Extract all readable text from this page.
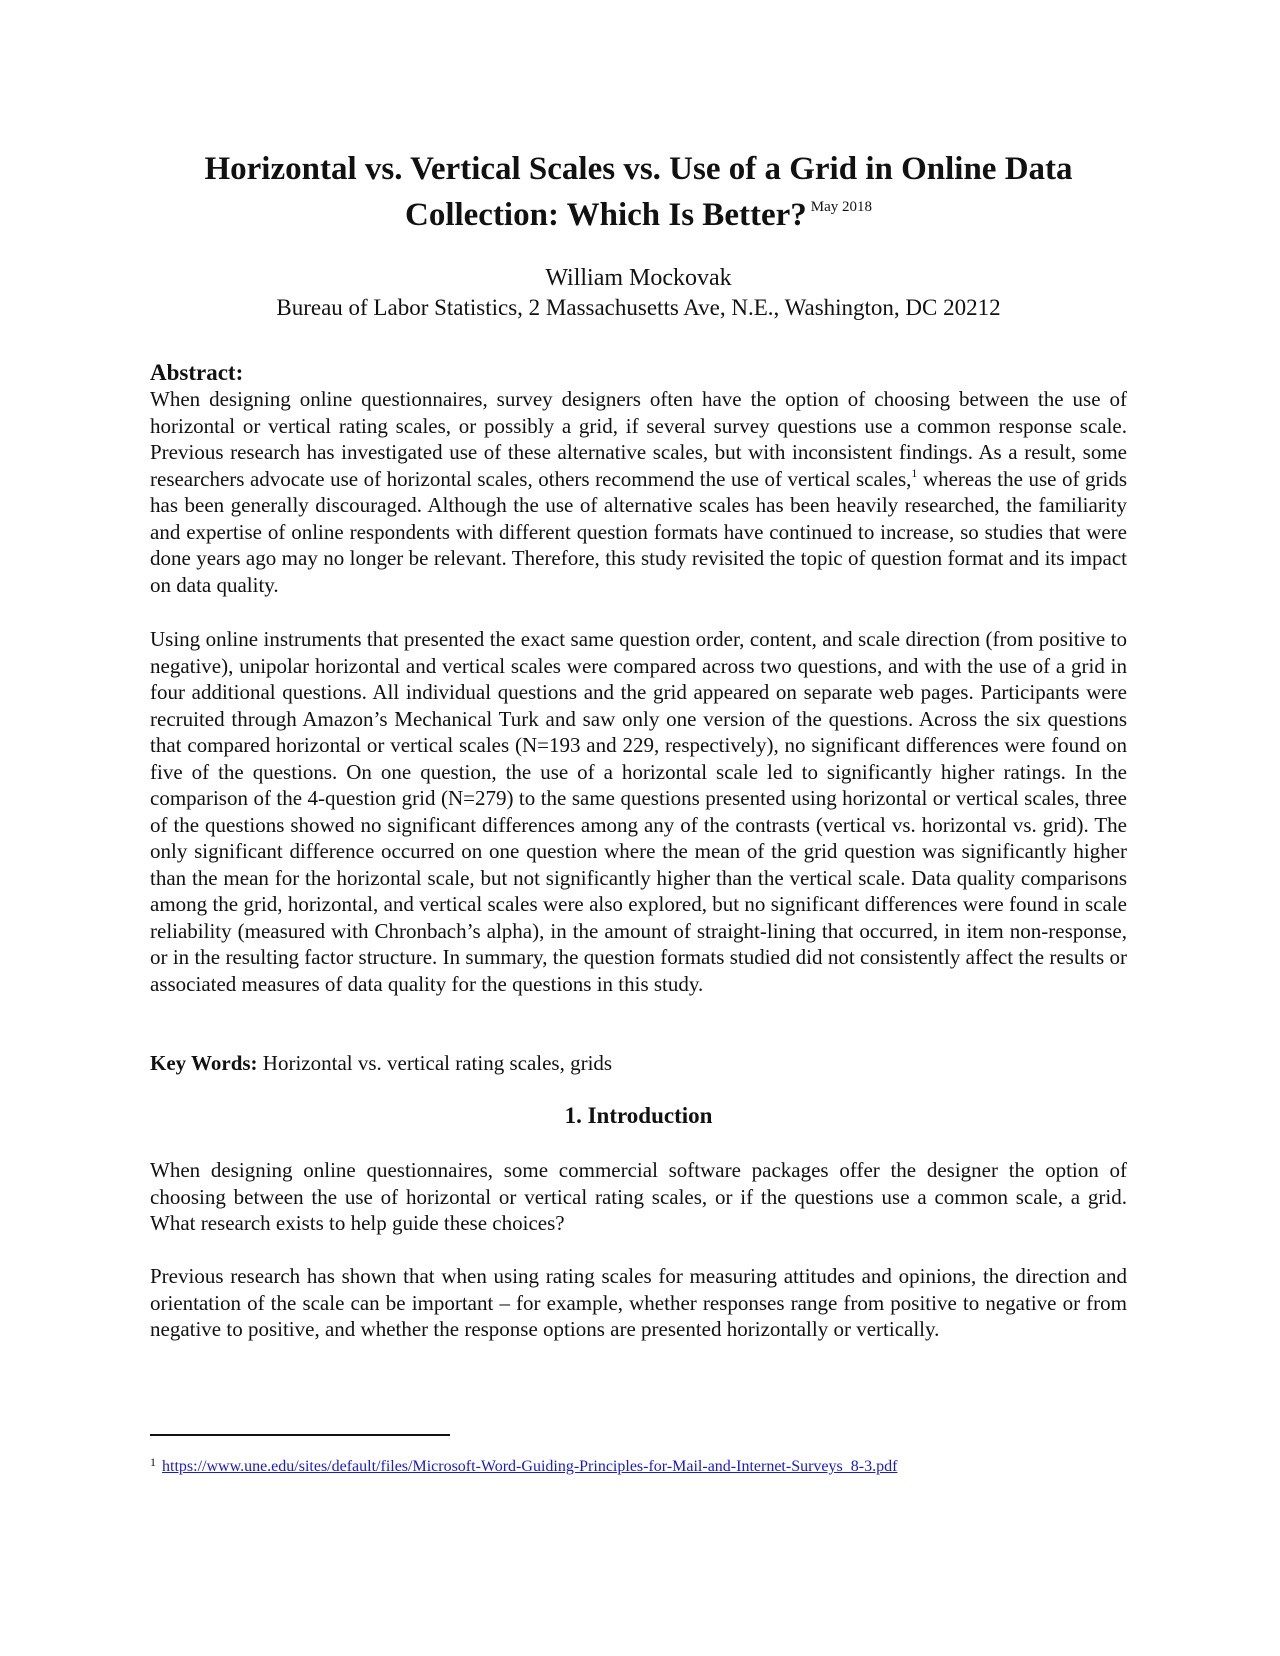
Horizontal vs. Vertical Scales vs. Use of a Grid in Online Data Collection: Which Is Better? $^{May 2018}$
William Mockovak
Bureau of Labor Statistics, 2 Massachusetts Ave, N.E., Washington, DC 20212
Abstract:

When designing online questionnaires, survey designers often have the option of choosing between the use of horizontal or vertical rating scales, or possibly a grid, if several survey questions use a common response scale. Previous research has investigated use of these alternative scales, but with inconsistent findings. As a result, some researchers advocate use of horizontal scales, others recommend the use of vertical scales,$^1$ whereas the use of grids has been generally discouraged. Although the use of alternative scales has been heavily researched, the familiarity and expertise of online respondents with different question formats have continued to increase, so studies that were done years ago may no longer be relevant. Therefore, this study revisited the topic of question format and its impact on data quality.

Using online instruments that presented the exact same question order, content, and scale direction (from positive to negative), unipolar horizontal and vertical scales were compared across two questions, and with the use of a grid in four additional questions. All individual questions and the grid appeared on separate web pages. Participants were recruited through Amazon’s Mechanical Turk and saw only one version of the questions. Across the six questions that compared horizontal or vertical scales (N=193 and 229, respectively), no significant differences were found on five of the questions. On one question, the use of a horizontal scale led to significantly higher ratings. In the comparison of the 4-question grid (N=279) to the same questions presented using horizontal or vertical scales, three of the questions showed no significant differences among any of the contrasts (vertical vs. horizontal vs. grid). The only significant difference occurred on one question where the mean of the grid question was significantly higher than the mean for the horizontal scale, but not significantly higher than the vertical scale. Data quality comparisons among the grid, horizontal, and vertical scales were also explored, but no significant differences were found in scale reliability (measured with Chronbach’s alpha), in the amount of straight-lining that occurred, in item non-response, or in the resulting factor structure. In summary, the question formats studied did not consistently affect the results or associated measures of data quality for the questions in this study.

Key Words: Horizontal vs. vertical rating scales, grids

1. Introduction

When designing online questionnaires, some commercial software packages offer the designer the option of choosing between the use of horizontal or vertical rating scales, or if the questions use a common scale, a grid. What research exists to help guide these choices?

Previous research has shown that when using rating scales for measuring attitudes and opinions, the direction and orientation of the scale can be important – for example, whether responses range from positive to negative or from negative to positive, and whether the response options are presented horizontally or vertically.

$^1$ https://www.une.edu/sites/default/files/Microsoft-Word-Guiding-Principles-for-Mail-and-Internet-Surveys_8-3.pdf
